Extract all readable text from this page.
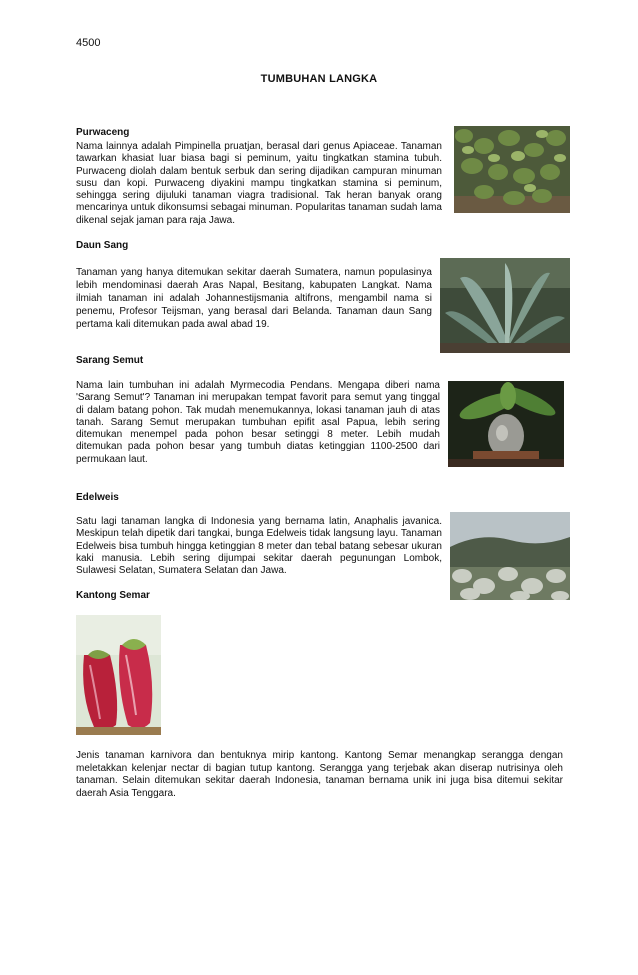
4500
TUMBUHAN LANGKA
Purwaceng

Nama lainnya adalah Pimpinella pruatjan, berasal dari genus Apiaceae. Tanaman tawarkan khasiat luar biasa bagi si peminum, yaitu tingkatkan stamina tubuh. Purwaceng diolah dalam bentuk serbuk dan sering dijadikan campuran minuman susu dan kopi. Purwaceng diyakini mampu tingkatkan stamina si peminum, sehingga sering dijuluki tanaman viagra tradisional. Tak heran banyak orang mencarinya untuk dikonsumsi sebagai minuman. Popularitas tanaman sudah lama dikenal sejak jaman para raja Jawa.

Daun Sang

Tanaman yang hanya ditemukan sekitar daerah Sumatera, namun populasinya lebih mendominasi daerah Aras Napal, Besitang, kabupaten Langkat. Nama ilmiah tanaman ini adalah Johannestijsmania altifrons, mengambil nama si penemu, Profesor Teijsman, yang berasal dari Belanda. Tanaman daun Sang pertama kali ditemukan pada awal abad 19.

Sarang Semut

Nama lain tumbuhan ini adalah Myrmecodia Pendans. Mengapa diberi nama 'Sarang Semut'? Tanaman ini merupakan tempat favorit para semut yang tinggal di dalam batang pohon. Tak mudah menemukannya, lokasi tanaman jauh di atas tanah. Sarang Semut merupakan tumbuhan epifit asal Papua, lebih sering ditemukan menempel pada pohon besar setinggi 8 meter. Lebih mudah ditemukan pada pohon besar yang tumbuh diatas ketinggian 1100-2500 dari permukaan laut.

Edelweis

Satu lagi tanaman langka di Indonesia yang bernama latin, Anaphalis javanica. Meskipun telah dipetik dari tangkai, bunga Edelweis tidak langsung layu. Tanaman Edelweis bisa tumbuh hingga ketinggian 8 meter dan tebal batang sebesar ukuran kaki manusia. Lebih sering dijumpai sekitar daerah pegunungan Lombok, Sulawesi Selatan, Sumatera Selatan dan Jawa.

Kantong Semar

Jenis tanaman karnivora dan bentuknya mirip kantong. Kantong Semar menangkap serangga dengan meletakkan kelenjar nectar di bagian tutup kantong. Serangga yang terjebak akan diserap nutrisinya oleh tanaman. Selain ditemukan sekitar daerah Indonesia, tanaman bernama unik ini juga bisa ditemui sekitar daerah Asia Tenggara.
